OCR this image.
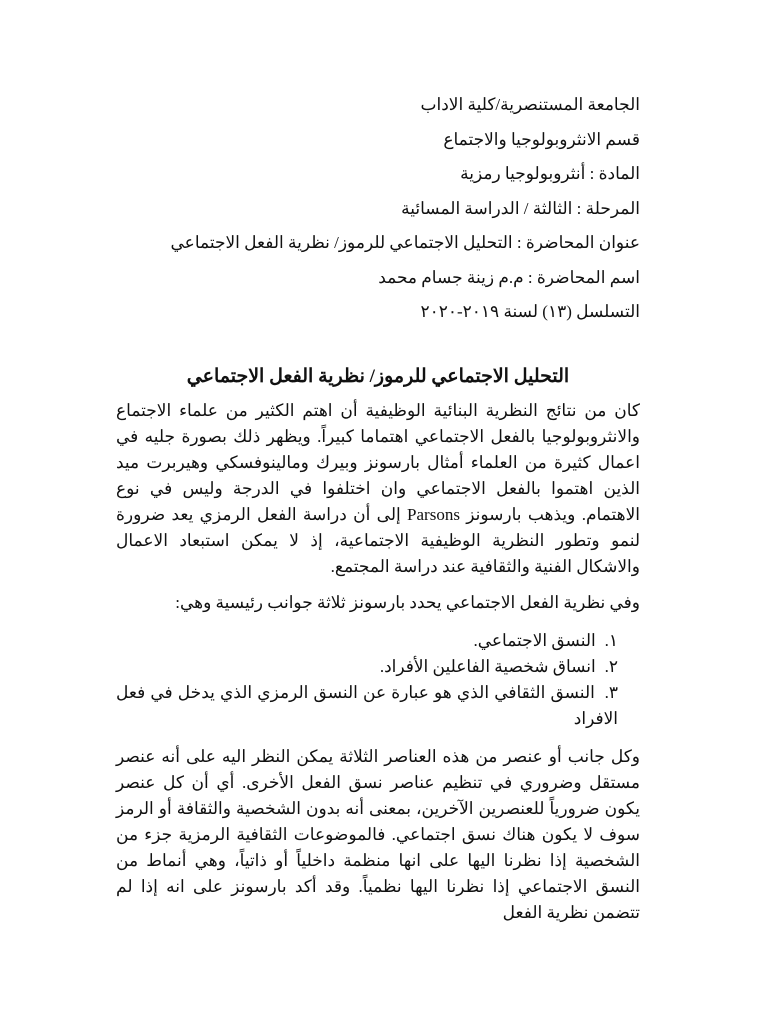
الجامعة المستنصرية/كلية الاداب
قسم الانثروبولوجيا والاجتماع
المادة : أنثروبولوجيا رمزية
المرحلة : الثالثة / الدراسة المسائية
عنوان المحاضرة : التحليل الاجتماعي للرموز/ نظرية الفعل الاجتماعي
اسم المحاضرة : م.م زينة جسام محمد
التسلسل (١٣) لسنة ٢٠١٩-٢٠٢٠
التحليل الاجتماعي للرموز/ نظرية الفعل الاجتماعي

كان من نتائج النظرية البنائية الوظيفية أن اهتم الكثير من علماء الاجتماع والانثروبولوجيا بالفعل الاجتماعي اهتماما كبيراً. ويظهر ذلك بصورة جليه في اعمال كثيرة من العلماء أمثال بارسونز وبيرك ومالينوفسكي وهيربرت ميد الذين اهتموا بالفعل الاجتماعي وان اختلفوا في الدرجة وليس في نوع الاهتمام. ويذهب بارسونز Parsons إلى أن دراسة الفعل الرمزي يعد ضرورة لنمو وتطور النظرية الوظيفية الاجتماعية، إذ لا يمكن استبعاد الاعمال والاشكال الفنية والثقافية عند دراسة المجتمع.

وفي نظرية الفعل الاجتماعي يحدد بارسونز ثلاثة جوانب رئيسية وهي:

١. النسق الاجتماعي.
٢. انساق شخصية الفاعلين الأفراد.
٣. النسق الثقافي الذي هو عبارة عن النسق الرمزي الذي يدخل في فعل الافراد

وكل جانب أو عنصر من هذه العناصر الثلاثة يمكن النظر اليه على أنه عنصر مستقل وضروري في تنظيم عناصر نسق الفعل الأخرى. أي أن كل عنصر يكون ضرورياً للعنصرين الآخرين، بمعنى أنه بدون الشخصية والثقافة أو الرمز سوف لا يكون هناك نسق اجتماعي. فالموضوعات الثقافية الرمزية جزء من الشخصية إذا نظرنا اليها على انها منظمة داخلياً أو ذاتياً، وهي أنماط من النسق الاجتماعي إذا نظرنا اليها نظمياً. وقد أكد بارسونز على انه إذا لم تتضمن نظرية الفعل
